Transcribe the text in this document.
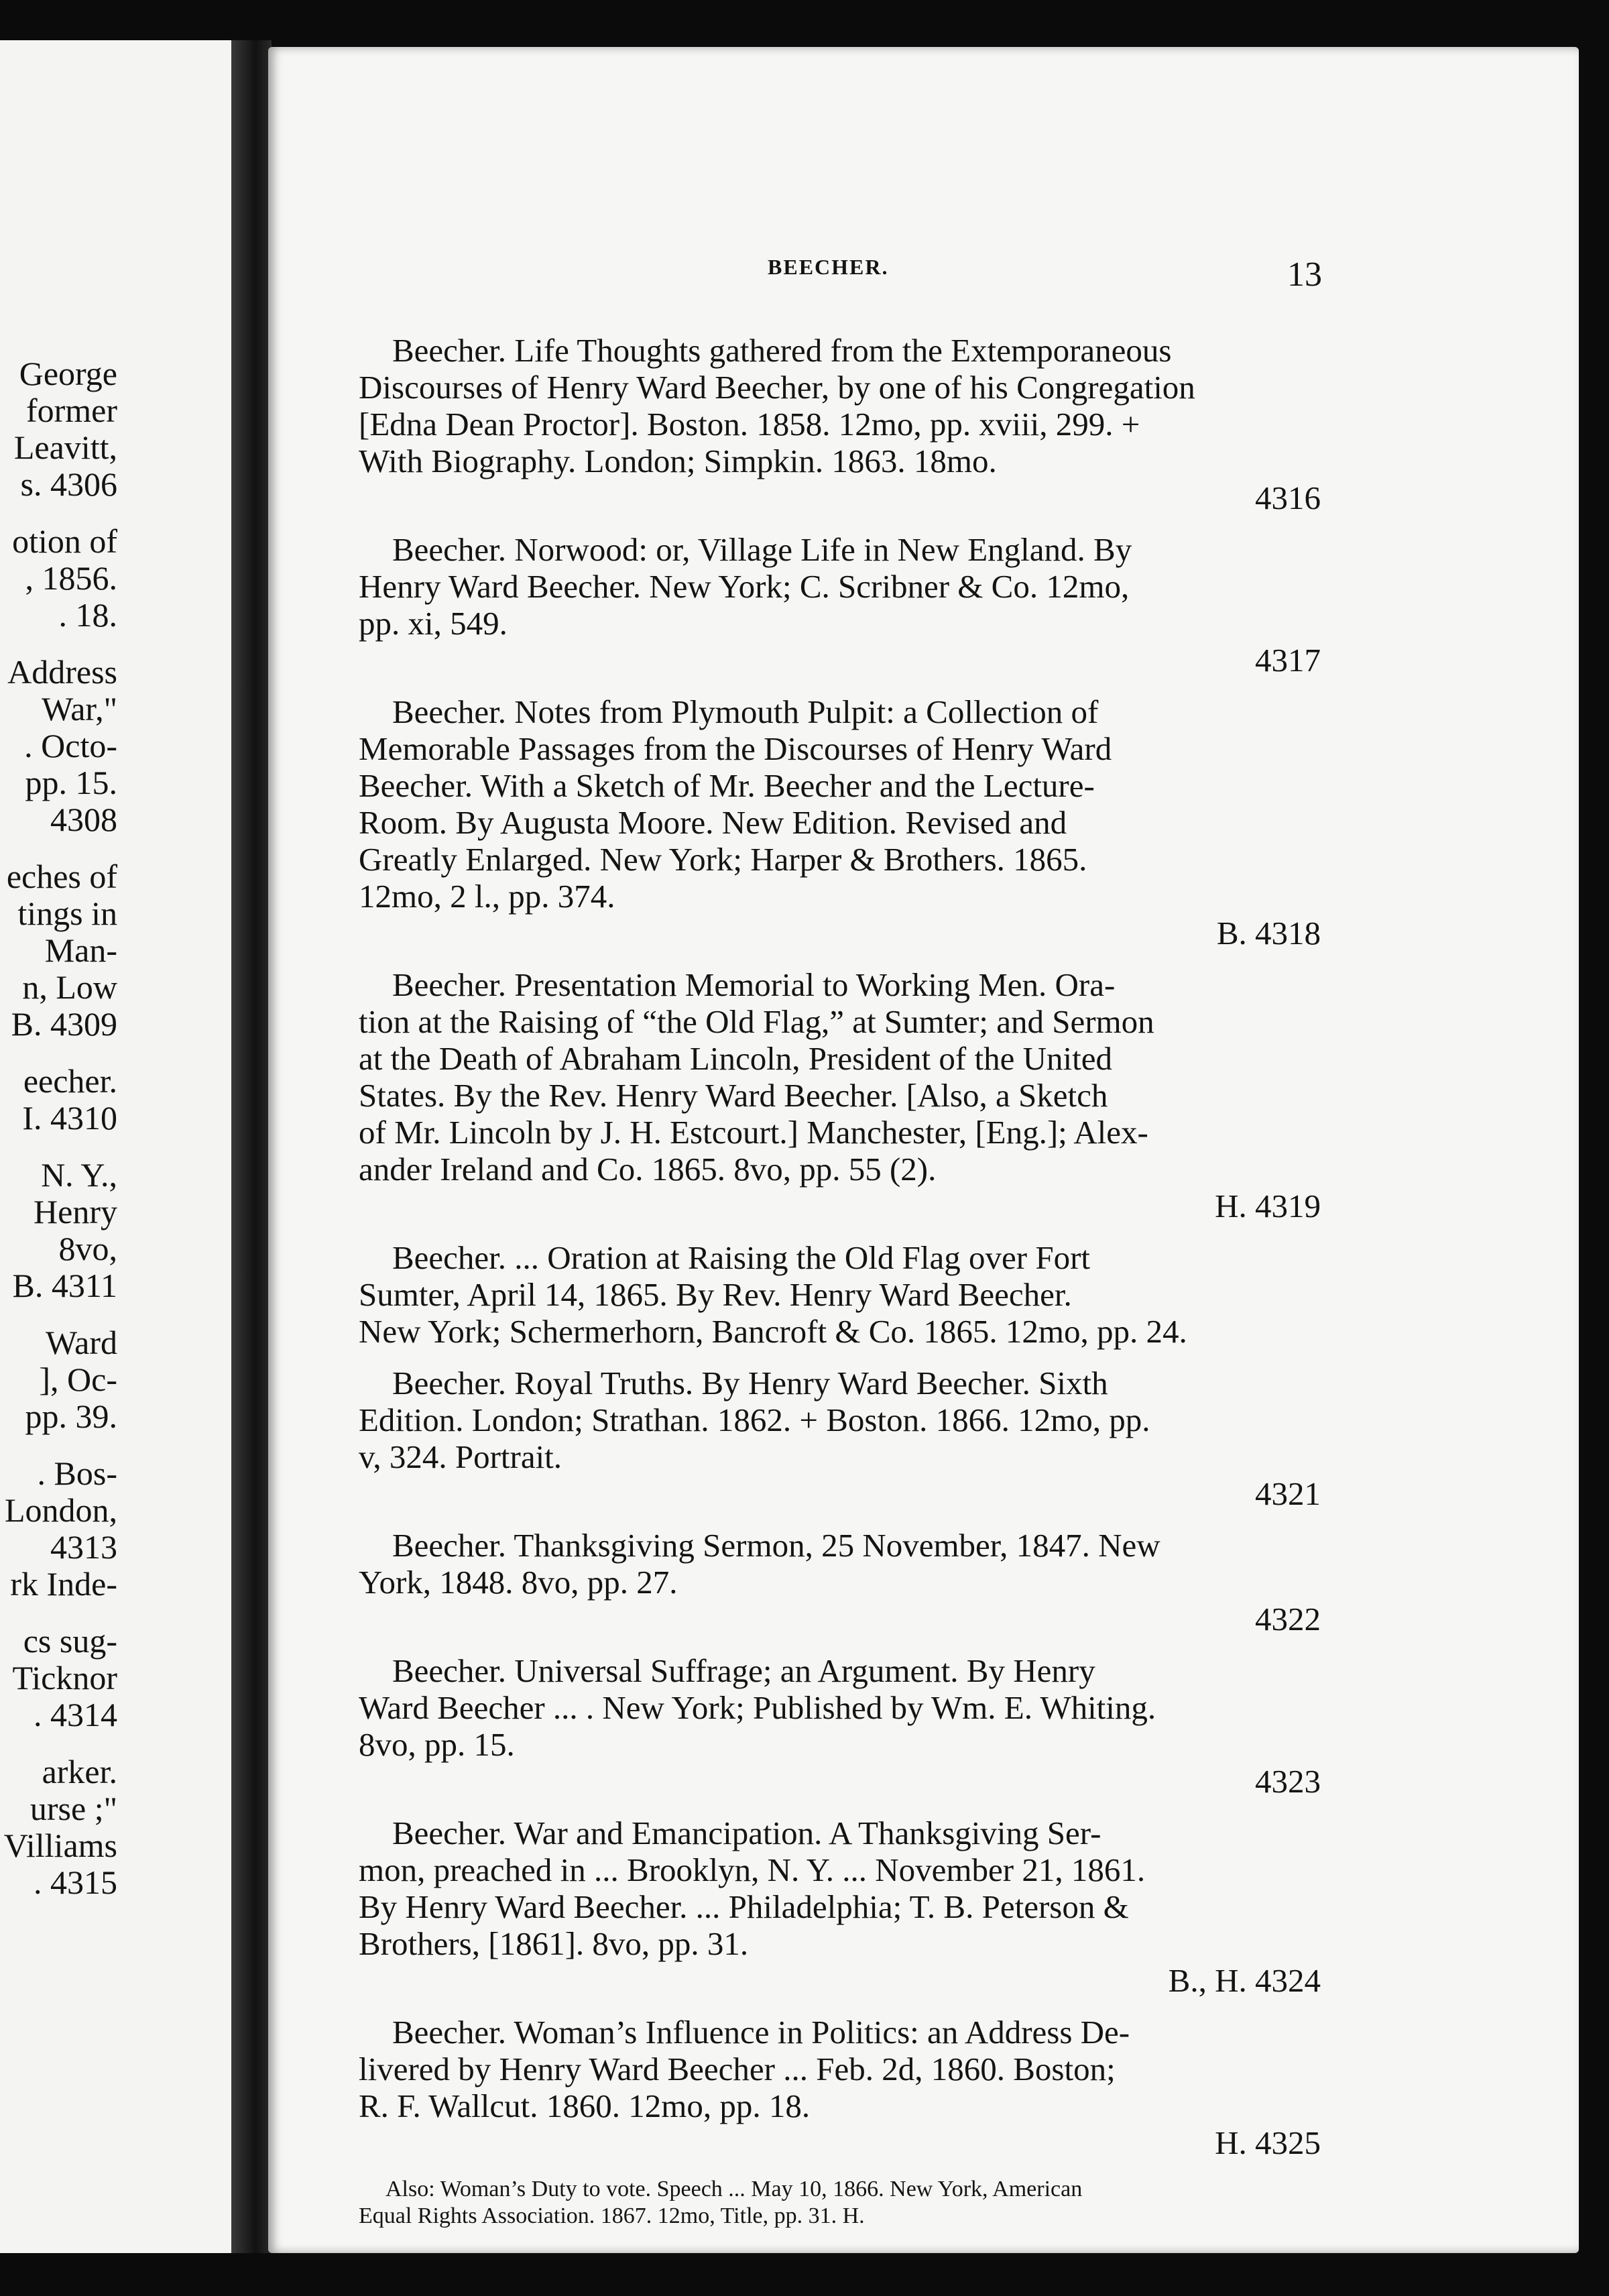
George
former
Leavitt,
s. 4306
otion of
, 1856.
. 18.
Address
War,"
. Octo-
pp. 15.
4308
eches of
tings in
Man-
n, Low
B. 4309
eecher.
I. 4310
N. Y.,
Henry
8vo,
B. 4311
Ward
], Oc-
pp. 39.
. Bos-
London,
4313
rk Inde-
cs sug-
Ticknor
. 4314
arker.
urse ;"
Villiams
. 4315
BEECHER.	13
Beecher. Life Thoughts gathered from the Extemporaneous
Discourses of Henry Ward Beecher, by one of his Congregation
[Edna Dean Proctor]. Boston. 1858. 12mo, pp. xviii, 299. +
With Biography. London; Simpkin. 1863. 18mo.
4316
Beecher. Norwood: or, Village Life in New England. By
Henry Ward Beecher. New York; C. Scribner & Co. 12mo,
pp. xi, 549.
4317
Beecher. Notes from Plymouth Pulpit: a Collection of
Memorable Passages from the Discourses of Henry Ward
Beecher. With a Sketch of Mr. Beecher and the Lecture-
Room. By Augusta Moore. New Edition. Revised and
Greatly Enlarged. New York; Harper & Brothers. 1865.
12mo, 2 l., pp. 374.
B. 4318
Beecher. Presentation Memorial to Working Men. Ora-
tion at the Raising of “the Old Flag,” at Sumter; and Sermon
at the Death of Abraham Lincoln, President of the United
States. By the Rev. Henry Ward Beecher. [Also, a Sketch
of Mr. Lincoln by J. H. Estcourt.] Manchester, [Eng.]; Alex-
ander Ireland and Co. 1865. 8vo, pp. 55 (2).
H. 4319
Beecher. ... Oration at Raising the Old Flag over Fort
Sumter, April 14, 1865. By Rev. Henry Ward Beecher.
New York; Schermerhorn, Bancroft & Co. 1865. 12mo, pp. 24.
Beecher. Royal Truths. By Henry Ward Beecher. Sixth
Edition. London; Strathan. 1862. + Boston. 1866. 12mo, pp.
v, 324. Portrait.
4321
Beecher. Thanksgiving Sermon, 25 November, 1847. New
York, 1848. 8vo, pp. 27.
4322
Beecher. Universal Suffrage; an Argument. By Henry
Ward Beecher ... . New York; Published by Wm. E. Whiting.
8vo, pp. 15.
4323
Beecher. War and Emancipation. A Thanksgiving Ser-
mon, preached in ... Brooklyn, N. Y. ... November 21, 1861.
By Henry Ward Beecher. ... Philadelphia; T. B. Peterson &
Brothers, [1861]. 8vo, pp. 31.
B., H. 4324
Beecher. Woman’s Influence in Politics: an Address De-
livered by Henry Ward Beecher ... Feb. 2d, 1860. Boston;
R. F. Wallcut. 1860. 12mo, pp. 18.
H. 4325
Also: Woman’s Duty to vote. Speech ... May 10, 1866. New York, American
Equal Rights Association. 1867. 12mo, Title, pp. 31. H.
